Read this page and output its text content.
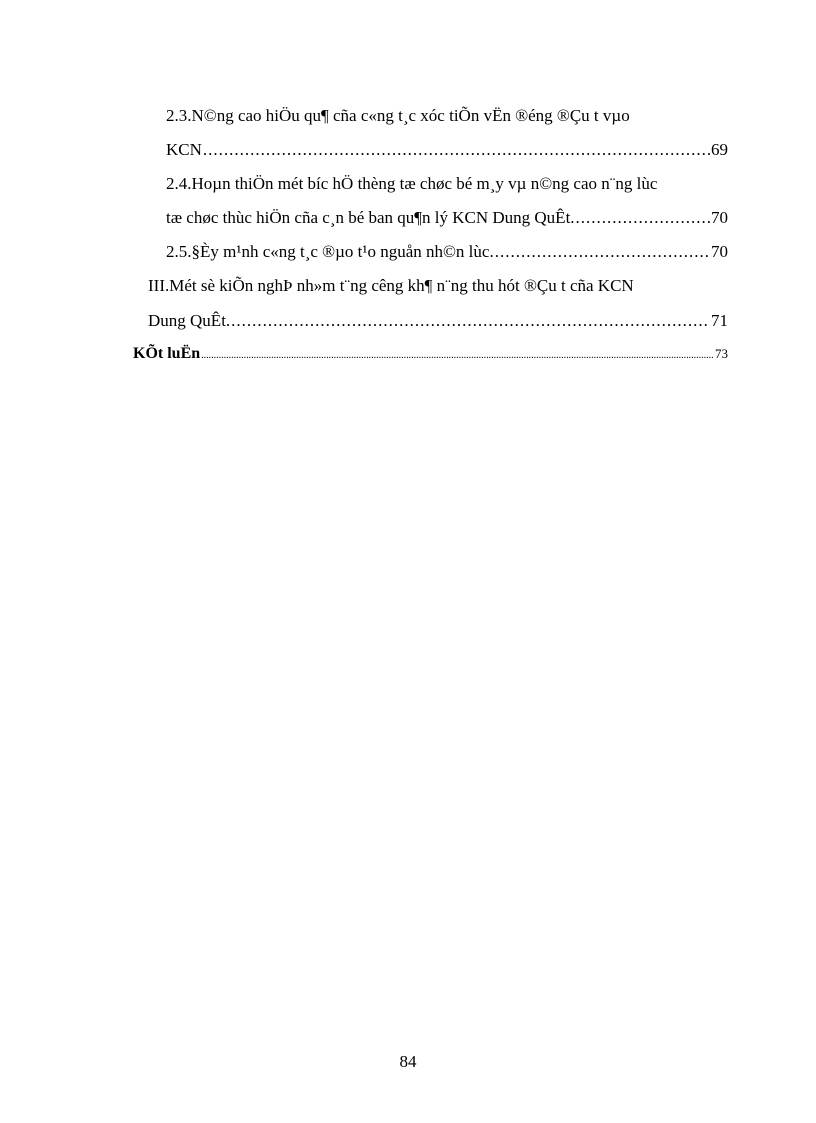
2.3.N©ng cao hiÖu qu¶ cña c«ng t¸c xóc tiÕn vËn ®éng ®Çu t vµo
KCN .....	69
2.4.Hoµn thiÖn mét bíc hÖ thèng tæ chøc bé m¸y vµ n©ng cao n¨ng lùc
tæ chøc thùc hiÖn cña c¸n bé ban qu¶n lý KCN Dung QuÊt. .....	70
2.5.§Èy m¹nh c«ng t¸c ®µo t¹o nguån nh©n lùc. .....	70
III.Mét sè kiÕn nghÞ nh»m t¨ng cêng kh¶ n¨ng thu hót ®Çu t cña KCN
Dung QuÊt. .....	71
KÕt luËn .....	73
84
